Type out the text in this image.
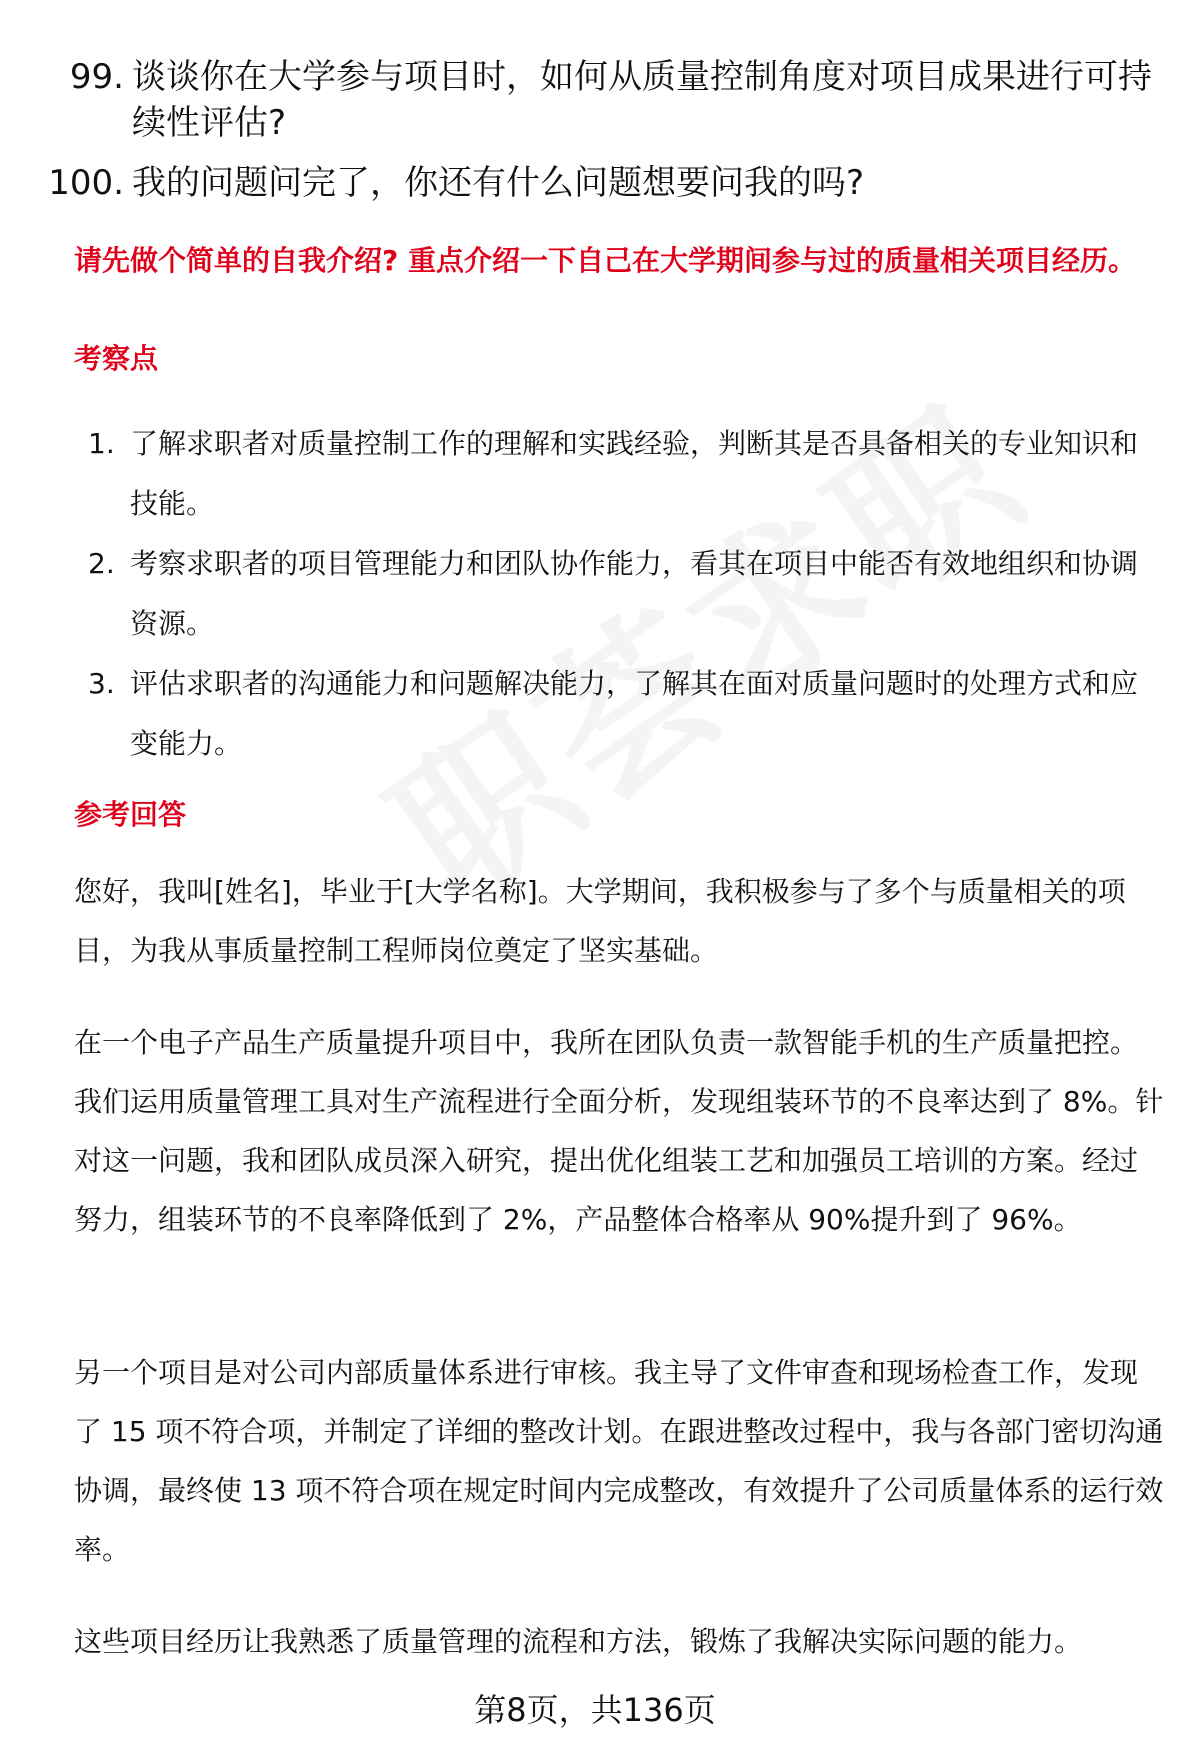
99. 谈谈你在大学参与项目时，如何从质量控制角度对项目成果进行可持续性评估?
100. 我的问题问完了，你还有什么问题想要问我的吗?
请先做个简单的自我介绍? 重点介绍一下自己在大学期间参与过的质量相关项目经历。
考察点
1. 了解求职者对质量控制工作的理解和实践经验，判断其是否具备相关的专业知识和技能。
2. 考察求职者的项目管理能力和团队协作能力，看其在项目中能否有效地组织和协调资源。
3. 评估求职者的沟通能力和问题解决能力，了解其在面对质量问题时的处理方式和应变能力。
参考回答

您好，我叫[姓名]，毕业于[大学名称]。大学期间，我积极参与了多个与质量相关的项目，为我从事质量控制工程师岗位奠定了坚实基础。

在一个电子产品生产质量提升项目中，我所在团队负责一款智能手机的生产质量把控。我们运用质量管理工具对生产流程进行全面分析，发现组装环节的不良率达到了 8%。针对这一问题，我和团队成员深入研究，提出优化组装工艺和加强员工培训的方案。经过努力，组装环节的不良率降低到了 2%，产品整体合格率从 90%提升到了 96%。

另一个项目是对公司内部质量体系进行审核。我主导了文件审查和现场检查工作，发现了 15 项不符合项，并制定了详细的整改计划。在跟进整改过程中，我与各部门密切沟通协调，最终使 13 项不符合项在规定时间内完成整改，有效提升了公司质量体系的运行效率。

这些项目经历让我熟悉了质量管理的流程和方法，锻炼了我解决实际问题的能力。

第8页，共136页
